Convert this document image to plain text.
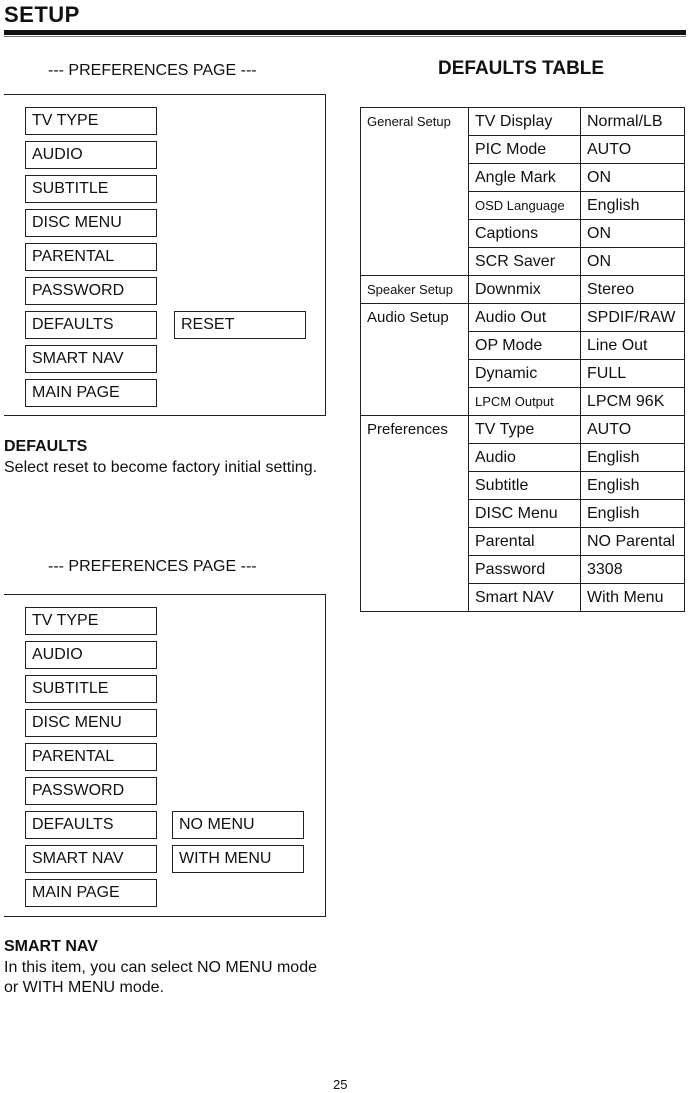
SETUP
--- PREFERENCES PAGE ---
TV TYPE
AUDIO
SUBTITLE
DISC MENU
PARENTAL
PASSWORD
DEFAULTS
SMART NAV
MAIN PAGE
RESET
DEFAULTS
Select reset to become factory initial setting.
--- PREFERENCES PAGE ---
TV TYPE
AUDIO
SUBTITLE
DISC MENU
PARENTAL
PASSWORD
DEFAULTS
SMART NAV
MAIN PAGE
NO MENU
WITH MENU
SMART NAV
In this item, you can select NO MENU mode or WITH MENU mode.
DEFAULTS TABLE
General Setup	TV Display	Normal/LB
	PIC Mode	AUTO
	Angle Mark	ON
	OSD Language	English
	Captions	ON
	SCR Saver	ON
Speaker Setup	Downmix	Stereo
Audio Setup	Audio Out	SPDIF/RAW
	OP Mode	Line Out
	Dynamic	FULL
	LPCM Output	LPCM 96K
Preferences	TV Type	AUTO
	Audio	English
	Subtitle	English
	DISC Menu	English
	Parental	NO Parental
	Password	3308
	Smart NAV	With Menu
25
